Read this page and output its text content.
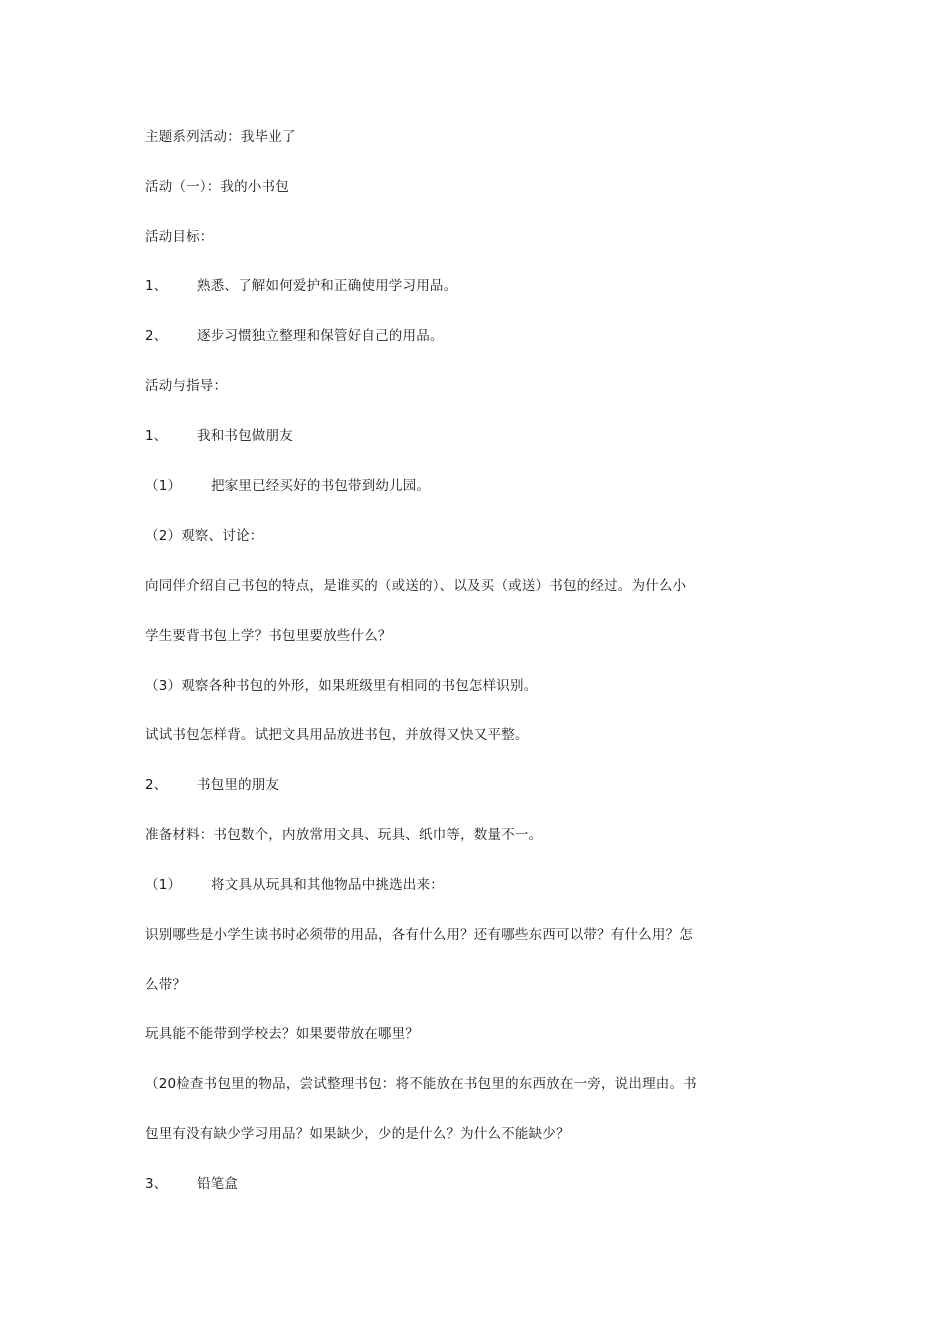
主题系列活动：我毕业了
活动（一）：我的小书包
活动目标：
1、 熟悉、了解如何爱护和正确使用学习用品。
2、 逐步习惯独立整理和保管好自己的用品。
活动与指导：
1、 我和书包做朋友
（1） 把家里已经买好的书包带到幼儿园。
（2）观察、讨论：
向同伴介绍自己书包的特点，是谁买的（或送的）、以及买（或送）书包的经过。为什么小
学生要背书包上学？书包里要放些什么？
（3）观察各种书包的外形，如果班级里有相同的书包怎样识别。
试试书包怎样背。试把文具用品放进书包，并放得又快又平整。
2、 书包里的朋友
准备材料：书包数个，内放常用文具、玩具、纸巾等，数量不一。
（1） 将文具从玩具和其他物品中挑选出来：
识别哪些是小学生读书时必须带的用品，各有什么用？还有哪些东西可以带？有什么用？怎
么带？
玩具能不能带到学校去？如果要带放在哪里？
（20检查书包里的物品，尝试整理书包：将不能放在书包里的东西放在一旁，说出理由。书
包里有没有缺少学习用品？如果缺少，少的是什么？为什么不能缺少？
3、 铅笔盒
